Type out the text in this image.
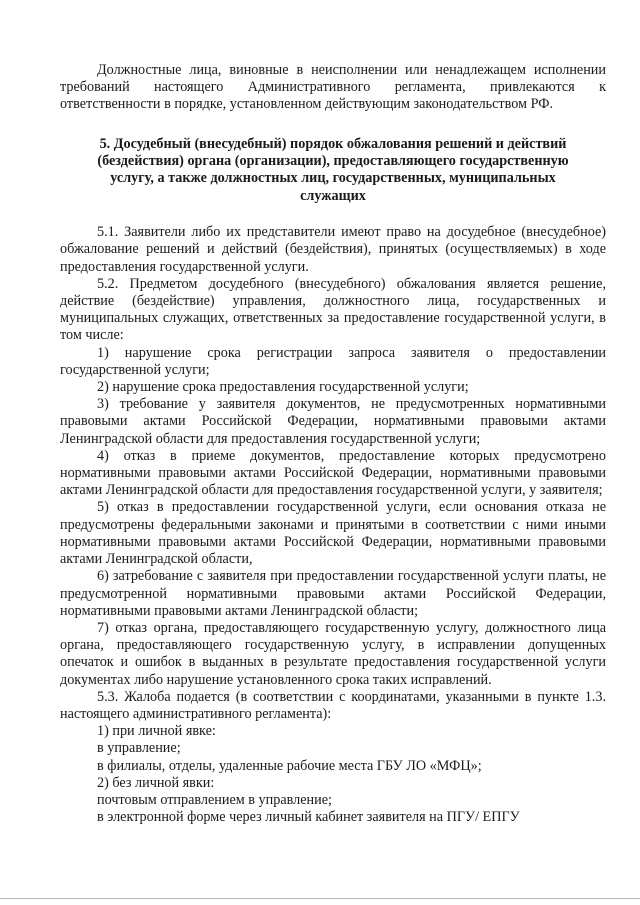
Должностные лица, виновные в неисполнении или ненадлежащем исполнении требований настоящего Административного регламента, привлекаются к ответственности в порядке, установленном действующим законодательством РФ.

5. Досудебный (внесудебный) порядок обжалования решений и действий (бездействия) органа (организации), предоставляющего государственную услугу, а также должностных лиц, государственных, муниципальных служащих

5.1. Заявители либо их представители имеют право на досудебное (внесудебное) обжалование решений и действий (бездействия), принятых (осуществляемых) в ходе предоставления государственной услуги.

5.2. Предметом досудебного (внесудебного) обжалования является решение, действие (бездействие) управления, должностного лица, государственных и муниципальных служащих, ответственных за предоставление государственной услуги, в том числе:

1) нарушение срока регистрации запроса заявителя о предоставлении государственной услуги;

2) нарушение срока предоставления государственной услуги;

3) требование у заявителя документов, не предусмотренных нормативными правовыми актами Российской Федерации, нормативными правовыми актами Ленинградской области для предоставления государственной услуги;

4) отказ в приеме документов, предоставление которых предусмотрено нормативными правовыми актами Российской Федерации, нормативными правовыми актами Ленинградской области для предоставления государственной услуги, у заявителя;

5) отказ в предоставлении государственной услуги, если основания отказа не предусмотрены федеральными законами и принятыми в соответствии с ними иными нормативными правовыми актами Российской Федерации, нормативными правовыми актами Ленинградской области,

6) затребование с заявителя при предоставлении государственной услуги платы, не предусмотренной нормативными правовыми актами Российской Федерации, нормативными правовыми актами Ленинградской области;

7) отказ органа, предоставляющего государственную услугу, должностного лица органа, предоставляющего государственную услугу, в исправлении допущенных опечаток и ошибок в выданных в результате предоставления государственной услуги документах либо нарушение установленного срока таких исправлений.

5.3. Жалоба подается (в соответствии с координатами, указанными в пункте 1.3. настоящего административного регламента):

1) при личной явке:
в управление;
в филиалы, отделы, удаленные рабочие места ГБУ ЛО «МФЦ»;
2) без личной явки:
почтовым отправлением в управление;
в электронной форме через личный кабинет заявителя на ПГУ/ ЕПГУ
